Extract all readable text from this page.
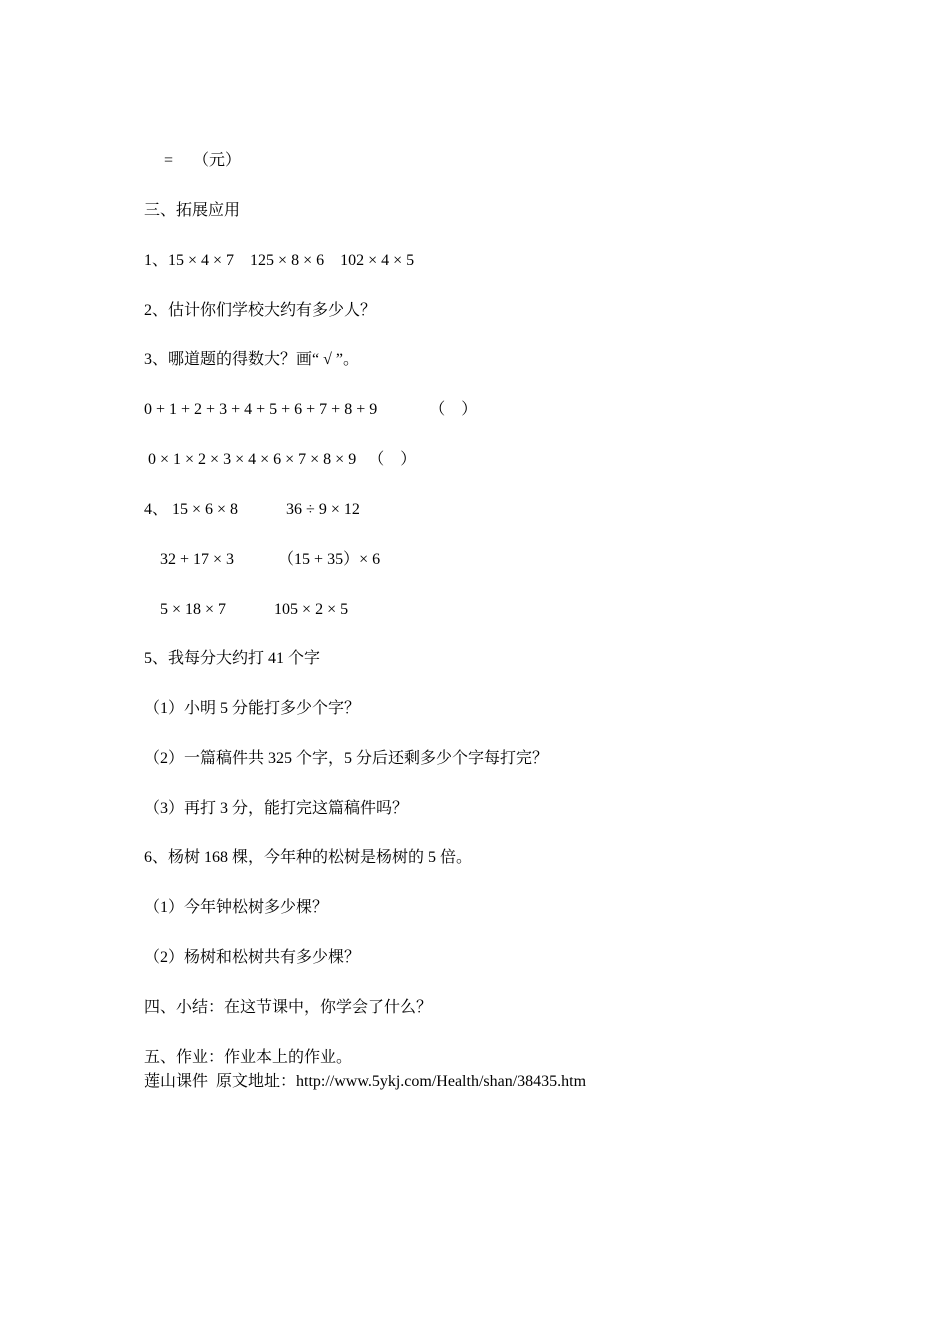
=     （元）
三、拓展应用
1、15 × 4 × 7    125 × 8 × 6    102 × 4 × 5
2、估计你们学校大约有多少人？
3、哪道题的得数大？画“ √ ”。
0 + 1 + 2 + 3 + 4 + 5 + 6 + 7 + 8 + 9             （    ）
0 × 1 × 2 × 3 × 4 × 6 × 7 × 8 × 9   （    ）
4、 15 × 6 × 8            36 ÷ 9 × 12
32 + 17 × 3           （15 + 35）× 6
5 × 18 × 7            105 × 2 × 5
5、我每分大约打 41 个字
（1）小明 5 分能打多少个字？
（2）一篇稿件共 325 个字，5 分后还剩多少个字每打完？
（3）再打 3 分，能打完这篇稿件吗？
6、杨树 168 棵，今年种的松树是杨树的 5 倍。
（1）今年钟松树多少棵？
（2）杨树和松树共有多少棵？
四、小结：在这节课中，你学会了什么？
五、作业：作业本上的作业。
莲山课件  原文地址：http://www.5ykj.com/Health/shan/38435.htm
